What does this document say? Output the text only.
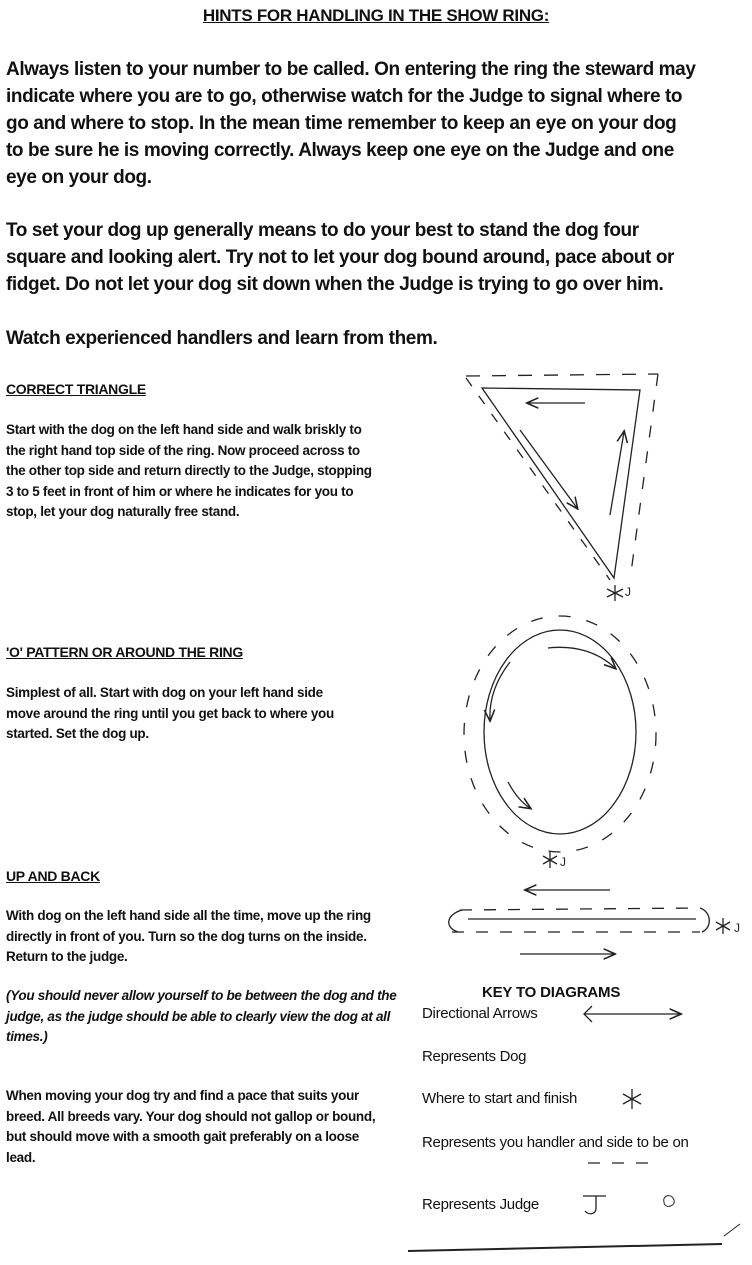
HINTS FOR HANDLING IN THE SHOW RING:
Always listen to your number to be called. On entering the ring the steward may indicate where you are to go, otherwise watch for the Judge to signal where to go and where to stop. In the mean time remember to keep an eye on your dog to be sure he is moving correctly. Always keep one eye on the Judge and one eye on your dog.
To set your dog up generally means to do your best to stand the dog four square and looking alert. Try not to let your dog bound around, pace about or fidget. Do not let your dog sit down when the Judge is trying to go over him.
Watch experienced handlers and learn from them.
CORRECT TRIANGLE
Start with the dog on the left hand side and walk briskly to the right hand top side of the ring. Now proceed across to the other top side and return directly to the Judge, stopping 3 to 5 feet in front of him or where he indicates for you to stop, let your dog naturally free stand.
'O' PATTERN OR AROUND THE RING
Simplest of all. Start with dog on your left hand side move around the ring until you get back to where you started. Set the dog up.
UP AND BACK
With dog on the left hand side all the time, move up the ring directly in front of you. Turn so the dog turns on the inside. Return to the judge.
(You should never allow yourself to be between the dog and the judge, as the judge should be able to clearly view the dog at all times.)
When moving your dog try and find a pace that suits your breed. All breeds vary. Your dog should not gallop or bound, but should move with a smooth gait preferably on a loose lead.
KEY TO DIAGRAMS
Directional Arrows
Represents Dog
Where to start and finish
Represents you handler and side to be on
Represents Judge
J
J
J
